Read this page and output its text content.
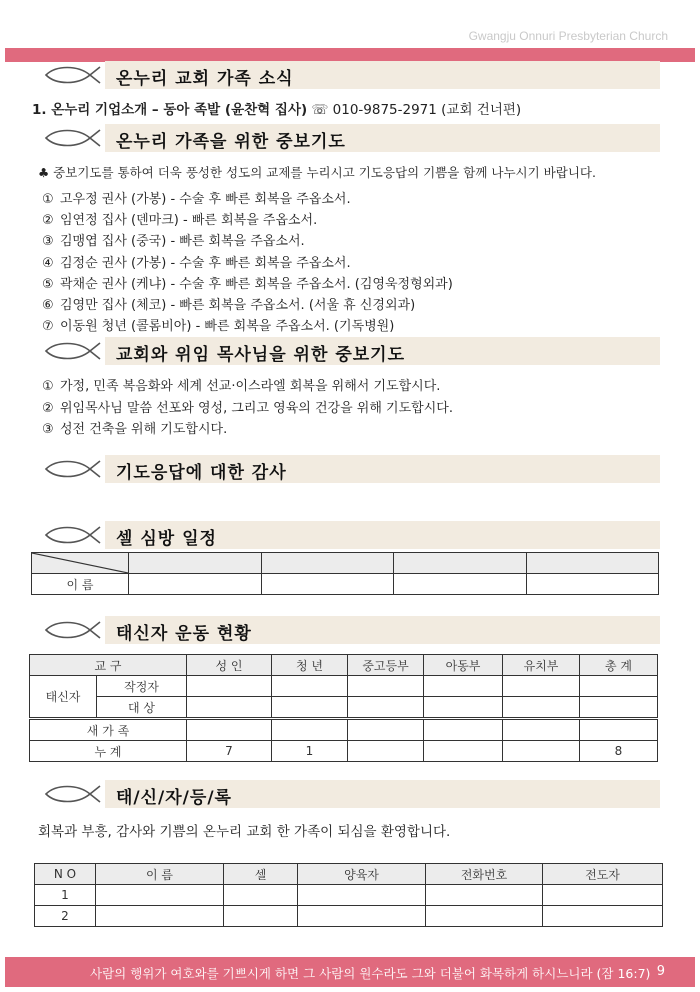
Gwangju Onnuri Presbyterian Church
온누리 교회 가족 소식
1. 온누리 기업소개 – 동아 족발 (윤찬혁 집사) ☏ 010-9875-2971 (교회 건너편)
온누리 가족을 위한 중보기도
♣ 중보기도를 통하여 더욱 풍성한 성도의 교제를 누리시고 기도응답의 기쁨을 함께 나누시기 바랍니다.
① 고우정 권사 (가봉) - 수술 후 빠른 회복을 주옵소서.
② 임연정 집사 (덴마크) - 빠른 회복을 주옵소서.
③ 김맹엽 집사 (중국) - 빠른 회복을 주옵소서.
④ 김정순 권사 (가봉) - 수술 후 빠른 회복을 주옵소서.
⑤ 곽채순 권사 (케냐) - 수술 후 빠른 회복을 주옵소서. (김영욱정형외과)
⑥ 김영만 집사 (체코) - 빠른 회복을 주옵소서. (서울 휴 신경외과)
⑦ 이동원 청년 (콜롬비아) - 빠른 회복을 주옵소서. (기독병원)
교회와 위임 목사님을 위한 중보기도
① 가정, 민족 복음화와 세계 선교·이스라엘 회복을 위해서 기도합시다.
② 위임목사님 말씀 선포와 영성, 그리고 영육의 건강을 위해 기도합시다.
③ 성전 건축을 위해 기도합시다.
기도응답에 대한 감사
셀 심방 일정

이 름				
태신자 운동 현황
교 구		성 인	청 년	중고등부	아동부	유치부	총 계
태신자	작정자						
	대 상						
새 가 족							
누 계		7	1				8
태/신/자/등/록
회복과 부흥, 감사와 기쁨의 온누리 교회 한 가족이 되심을 환영합니다.
N O	이 름	셀	양육자	전화번호	전도자
1					
2					
사람의 행위가 여호와를 기쁘시게 하면 그 사람의 원수라도 그와 더불어 화목하게 하시느니라 (잠 16:7) 9
